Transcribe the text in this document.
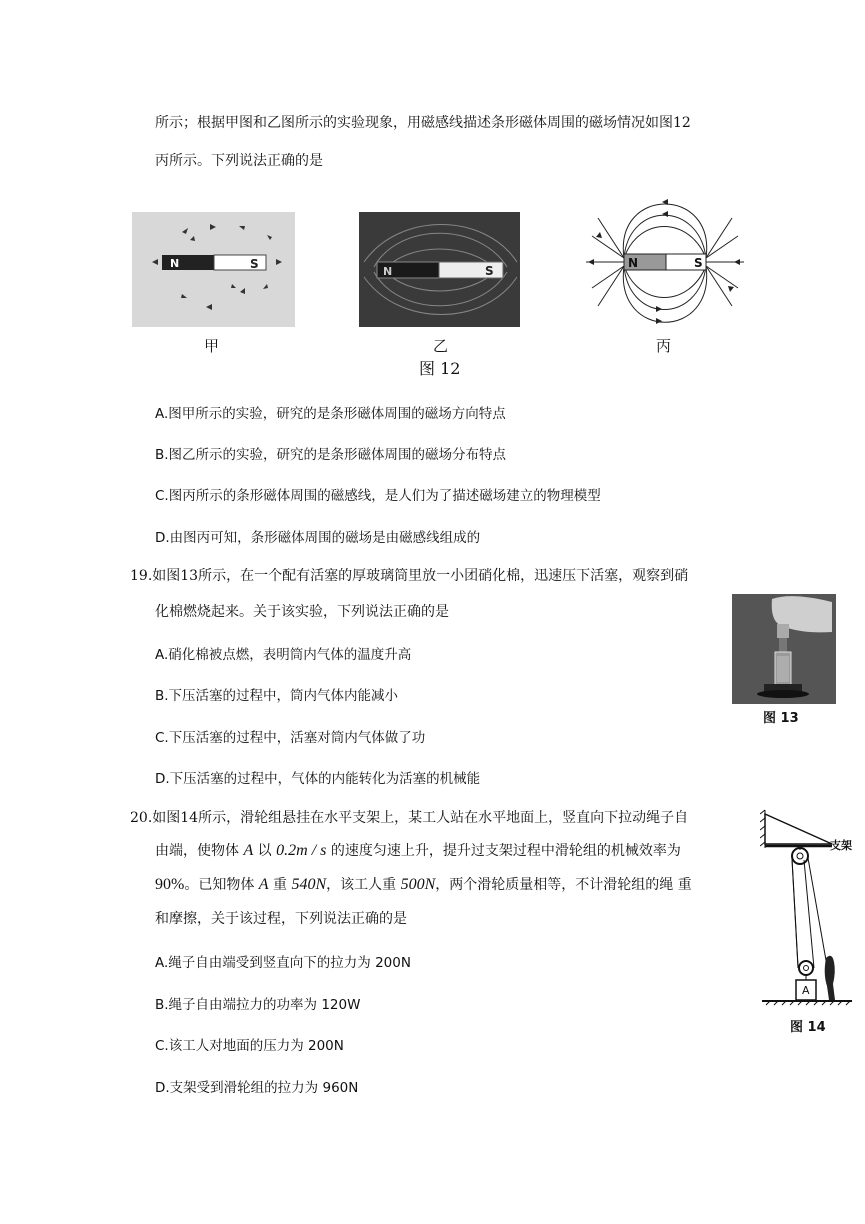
所示；根据甲图和乙图所示的实验现象，用磁感线描述条形磁体周围的磁场情况如图12
丙所示。下列说法正确的是
N	S
甲
N	S
乙
N	S
丙
图 12
A.图甲所示的实验，研究的是条形磁体周围的磁场方向特点
B.图乙所示的实验，研究的是条形磁体周围的磁场分布特点
C.图丙所示的条形磁体周围的磁感线，是人们为了描述磁场建立的物理模型
D.由图丙可知，条形磁体周围的磁场是由磁感线组成的
19.如图13所示，在一个配有活塞的厚玻璃筒里放一小团硝化棉，迅速压下活塞，观察到硝
化棉燃烧起来。关于该实验，下列说法正确的是
A.硝化棉被点燃，表明筒内气体的温度升高
B.下压活塞的过程中，筒内气体内能减小
C.下压活塞的过程中，活塞对筒内气体做了功
D.下压活塞的过程中，气体的内能转化为活塞的机械能
图 13
20.如图14所示，滑轮组悬挂在水平支架上，某工人站在水平地面上，竖直向下拉动绳子自
由端，使物体 A 以 0.2m / s 的速度匀速上升，提升过支架过程中滑轮组的机械效率为
90%。已知物体 A 重 540N，该工人重 500N，两个滑轮质量相等，不计滑轮组的绳 重
和摩擦，关于该过程，下列说法正确的是
A.绳子自由端受到竖直向下的拉力为 200N
B.绳子自由端拉力的功率为 120W
C.该工人对地面的压力为 200N
D.支架受到滑轮组的拉力为 960N
A
支架
图 14
